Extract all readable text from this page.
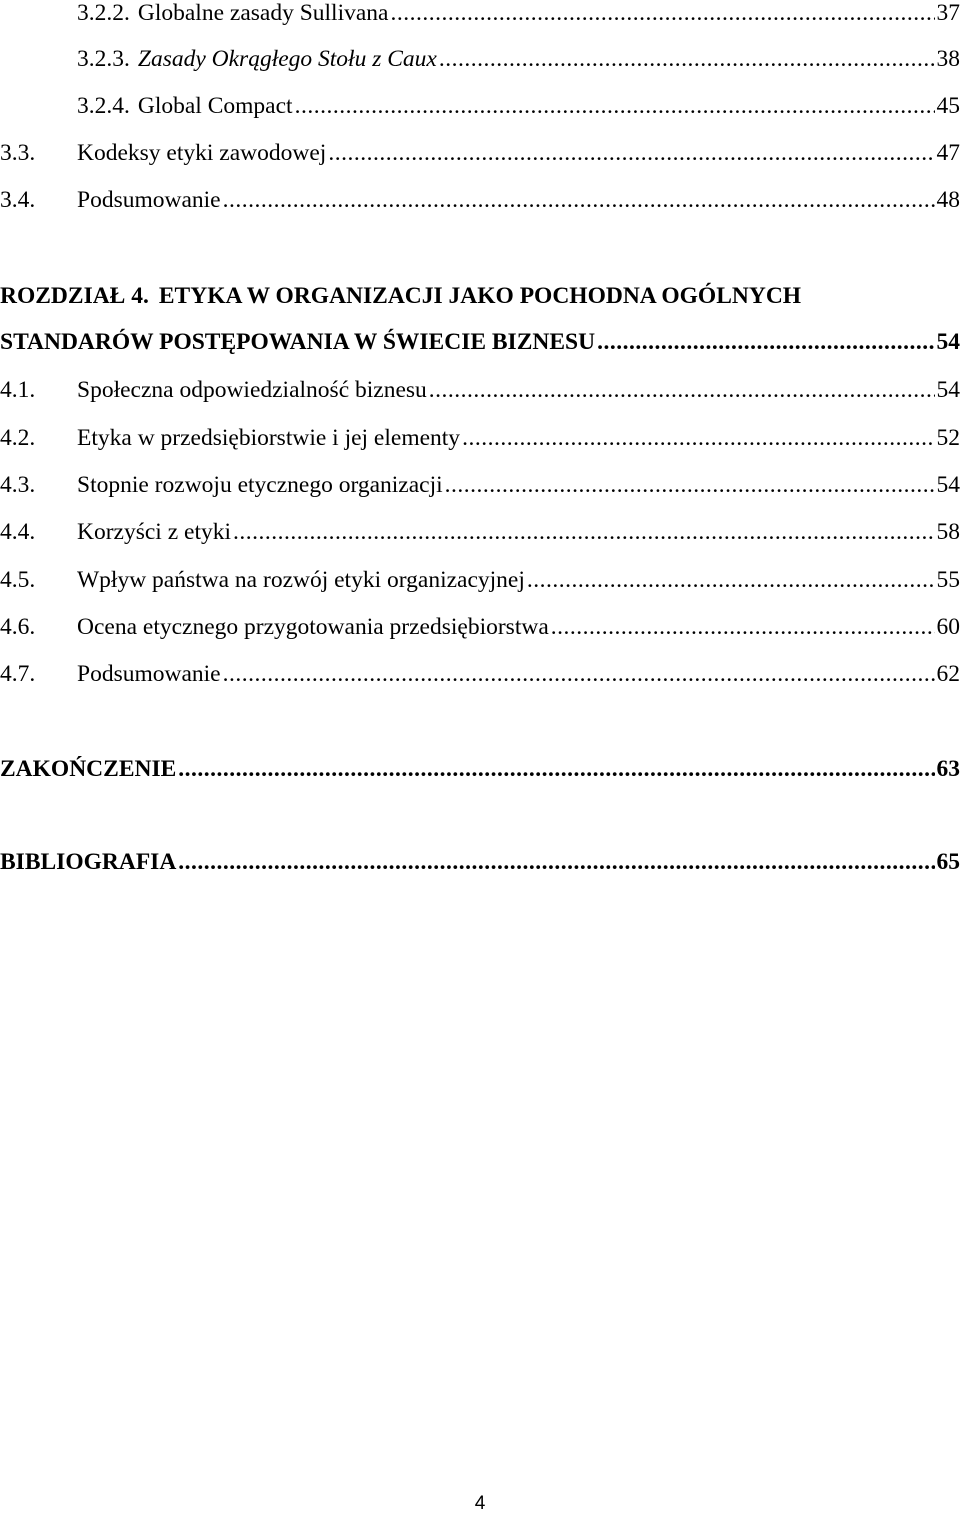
3.2.2. Globalne zasady Sullivana .....	37
3.2.3. Zasady Okrągłego Stołu z Caux .....	38
3.2.4. Global Compact .....	45
3.3.	Kodeksy etyki zawodowej .....	47
3.4.	Podsumowanie .....	48
ROZDZIAŁ 4. ETYKA W ORGANIZACJI JAKO POCHODNA OGÓLNYCH
STANDARÓW POSTĘPOWANIA W ŚWIECIE BIZNESU .....	54
4.1.	Społeczna odpowiedzialność biznesu .....	54
4.2.	Etyka w przedsiębiorstwie i jej elementy .....	52
4.3.	Stopnie rozwoju etycznego organizacji .....	54
4.4.	Korzyści z etyki .....	58
4.5.	Wpływ państwa na rozwój etyki organizacyjnej .....	55
4.6.	Ocena etycznego przygotowania przedsiębiorstwa .....	60
4.7.	Podsumowanie .....	62
ZAKOŃCZENIE .....	63
BIBLIOGRAFIA .....	65
4
